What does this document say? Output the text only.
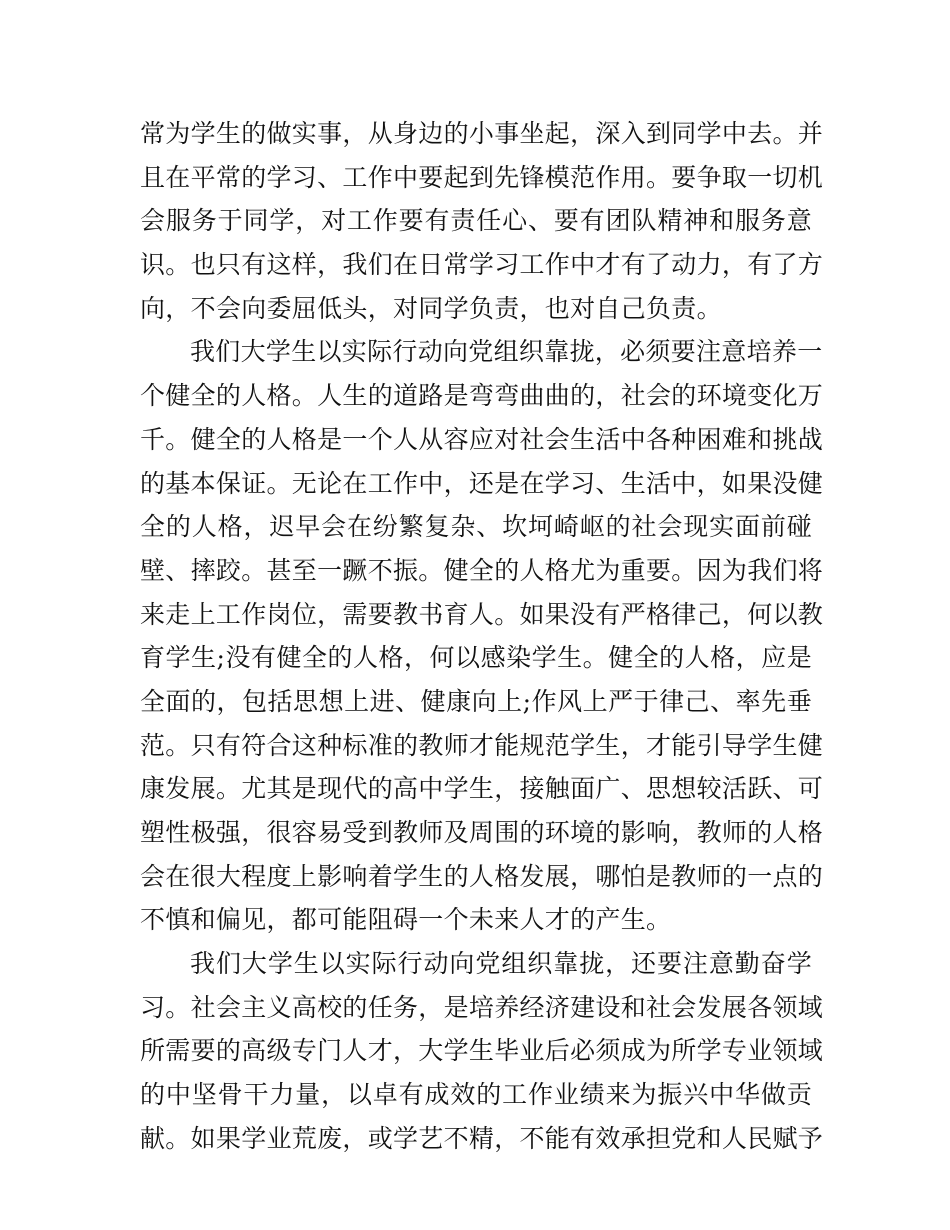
常为学生的做实事，从身边的小事坐起，深入到同学中去。并
且在平常的学习、工作中要起到先锋模范作用。要争取一切机
会服务于同学，对工作要有责任心、要有团队精神和服务意
识。也只有这样，我们在日常学习工作中才有了动力，有了方
向，不会向委屈低头，对同学负责，也对自己负责。
我们大学生以实际行动向党组织靠拢，必须要注意培养一
个健全的人格。人生的道路是弯弯曲曲的，社会的环境变化万
千。健全的人格是一个人从容应对社会生活中各种困难和挑战
的基本保证。无论在工作中，还是在学习、生活中，如果没健
全的人格，迟早会在纷繁复杂、坎坷崎岖的社会现实面前碰
壁、摔跤。甚至一蹶不振。健全的人格尤为重要。因为我们将
来走上工作岗位，需要教书育人。如果没有严格律己，何以教
育学生;没有健全的人格，何以感染学生。健全的人格，应是
全面的，包括思想上进、健康向上;作风上严于律己、率先垂
范。只有符合这种标准的教师才能规范学生，才能引导学生健
康发展。尤其是现代的高中学生，接触面广、思想较活跃、可
塑性极强，很容易受到教师及周围的环境的影响，教师的人格
会在很大程度上影响着学生的人格发展，哪怕是教师的一点的
不慎和偏见，都可能阻碍一个未来人才的产生。
我们大学生以实际行动向党组织靠拢，还要注意勤奋学
习。社会主义高校的任务，是培养经济建设和社会发展各领域
所需要的高级专门人才，大学生毕业后必须成为所学专业领域
的中坚骨干力量，以卓有成效的工作业绩来为振兴中华做贡
献。如果学业荒废，或学艺不精，不能有效承担党和人民赋予
